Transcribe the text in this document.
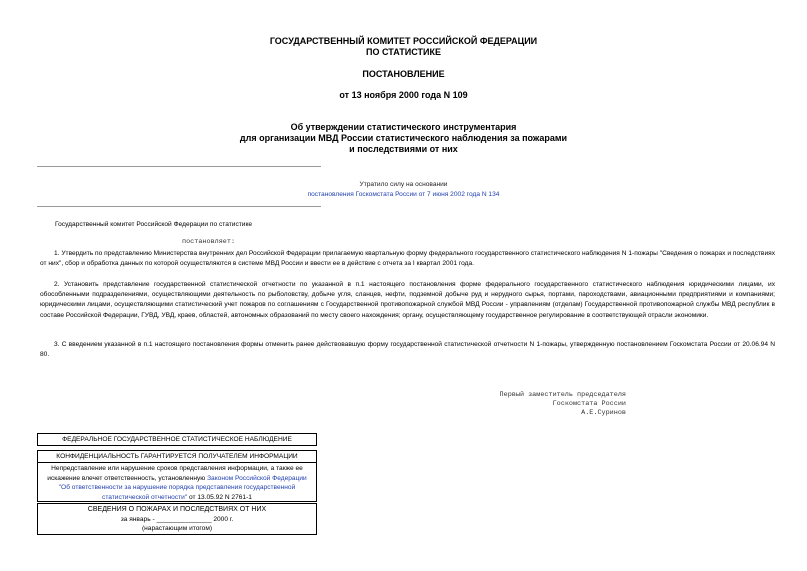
ГОСУДАРСТВЕННЫЙ КОМИТЕТ РОССИЙСКОЙ ФЕДЕРАЦИИ
ПО СТАТИСТИКЕ
ПОСТАНОВЛЕНИЕ
от 13 ноября 2000 года N 109
Об утверждении статистического инструментария
для организации МВД России статистического наблюдения за пожарами
и последствиями от них
Утратило силу на основании
постановления Госкомстата России от 7 июня 2002 года N 134
Государственный комитет Российской Федерации по статистике
постановляет:
1. Утвердить по представлению Министерства внутренних дел Российской Федерации прилагаемую квартальную форму федерального государственного статистического наблюдения N 1-пожары "Сведения о пожарах и последствиях от них", сбор и обработка данных по которой осуществляются в системе МВД России и ввести ее в действие с отчета за I квартал 2001 года.
2. Установить представление государственной статистической отчетности по указанной в п.1 настоящего постановления форме федерального государственного статистического наблюдения юридическими лицами, их обособленными подразделениями, осуществляющими деятельность по рыболовству, добыче угля, сланцев, нефти, подземной добыче руд и нерудного сырья, портами, пароходствами, авиационными предприятиями и компаниями; юридическими лицами, осуществляющими статистический учет пожаров по соглашениям с Государственной противопожарной службой МВД России - управлениям (отделам) Государственной противопожарной службы МВД республик в составе Российской Федерации, ГУВД, УВД, краев, областей, автономных образований по месту своего нахождения; органу, осуществляющему государственное регулирование в соответствующей отрасли экономики.
3. С введением указанной в п.1 настоящего постановления формы отменить ранее действовавшую форму государственной статистической отчетности N 1-пожары, утвержденную постановлением Госкомстата России от 20.06.94 N 80.
Первый заместитель председателя
Госкомстата России
А.Е.Суринов
ФЕДЕРАЛЬНОЕ ГОСУДАРСТВЕННОЕ СТАТИСТИЧЕСКОЕ НАБЛЮДЕНИЕ
КОНФИДЕНЦИАЛЬНОСТЬ ГАРАНТИРУЕТСЯ ПОЛУЧАТЕЛЕМ ИНФОРМАЦИИ
Непредставление или нарушение сроков представления информации, а также ее
искажение влечет ответственность, установленную Законом Российской Федерации
"Об ответственности за нарушение порядка представления государственной
статистической отчетности" от 13.05.92 N 2761-1
СВЕДЕНИЯ О ПОЖАРАХ И ПОСЛЕДСТВИЯХ ОТ НИХ
за январь - _______________ 2000 г.
(нарастающим итогом)
